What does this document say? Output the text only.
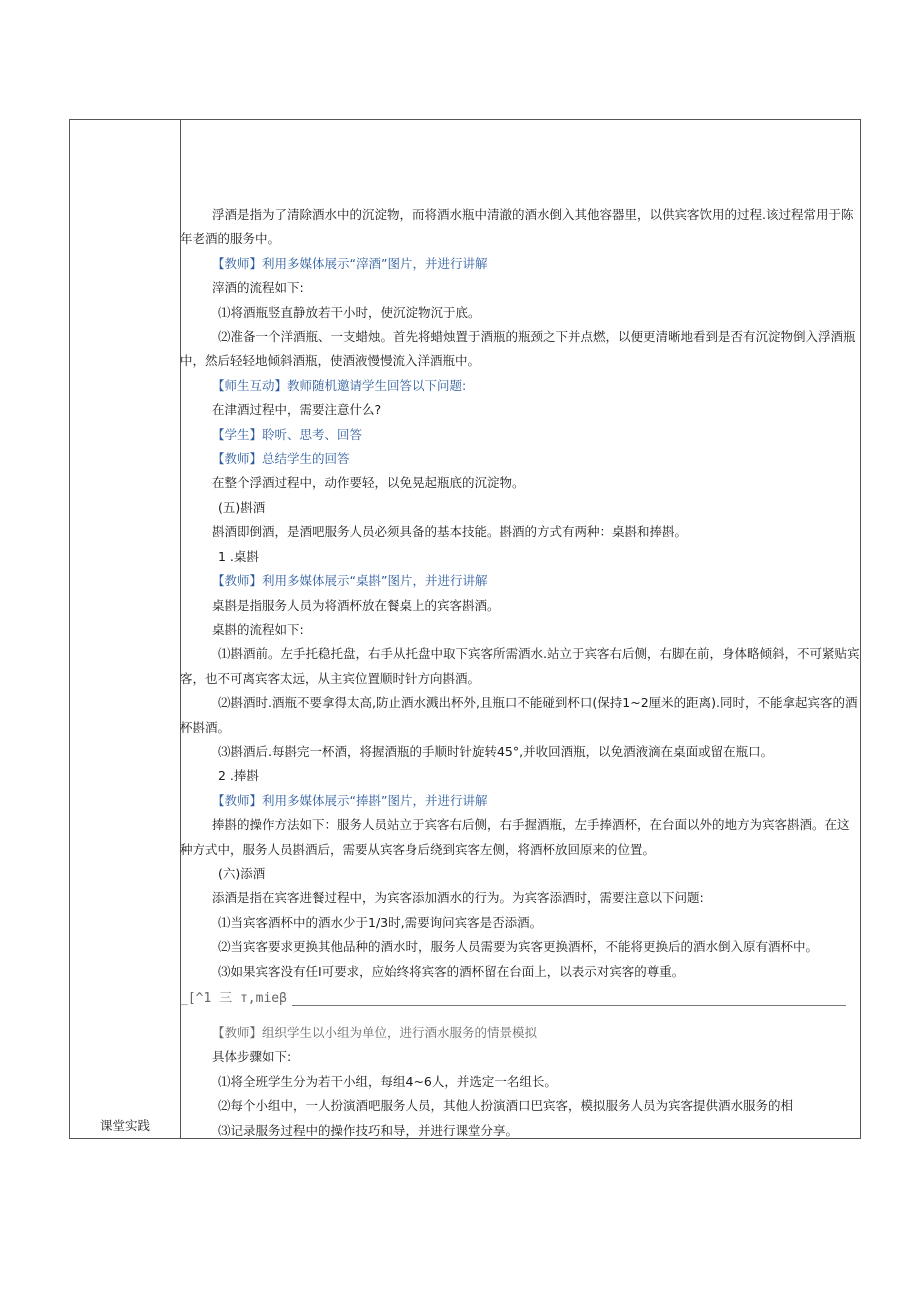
课堂实践

浮酒是指为了清除酒水中的沉淀物，而将酒水瓶中清澈的酒水倒入其他容器里，以供宾客饮用的过程.该过程常用于陈年老酒的服务中。

【教师】利用多媒体展示“滓酒”图片，并进行讲解

滓酒的流程如下:

⑴将酒瓶竖直静放若干小时，使沉淀物沉于底。

⑵准备一个洋酒瓶、一支蜡烛。首先将蜡烛置于酒瓶的瓶颈之下并点燃，以便更清晰地看到是否有沉淀物倒入浮酒瓶中，然后轻轻地倾斜酒瓶，使酒液慢慢流入洋酒瓶中。

【师生互动】教师随机邀请学生回答以下问题:

在津酒过程中，需要注意什么?

【学生】聆听、思考、回答

【教师】总结学生的回答

在整个浮酒过程中，动作要轻，以免晃起瓶底的沉淀物。

(五)斟酒

斟酒即倒酒，是酒吧服务人员必须具备的基本技能。斟酒的方式有两种：桌斟和捧斟。

1 .桌斟

【教师】利用多媒体展示“桌斟”图片，并进行讲解

桌斟是指服务人员为将酒杯放在餐桌上的宾客斟酒。

桌斟的流程如下:

⑴斟酒前。左手托稳托盘，右手从托盘中取下宾客所需酒水.站立于宾客右后侧，右脚在前，身体略倾斜，不可紧贴宾客，也不可离宾客太远，从主宾位置顺时针方向斟酒。

⑵斟酒时.酒瓶不要拿得太高,防止酒水溅出杯外,且瓶口不能碰到杯口(保持1~2厘米的距离).同时，不能拿起宾客的酒杯斟酒。

⑶斟酒后.每斟完一杯酒，将握酒瓶的手顺时针旋转45°,并收回酒瓶，以免酒液滴在桌面或留在瓶口。

2 .捧斟

【教师】利用多媒体展示“捧斟”图片，并进行讲解

捧斟的操作方法如下：服务人员站立于宾客右后侧，右手握酒瓶，左手捧酒杯，在台面以外的地方为宾客斟酒。在这种方式中，服务人员斟酒后，需要从宾客身后绕到宾客左侧，将酒杯放回原来的位置。

(六)添酒

添酒是指在宾客进餐过程中，为宾客添加酒水的行为。为宾客添酒时，需要注意以下问题:

⑴当宾客酒杯中的酒水少于1/3时,需要询问宾客是否添酒。

⑵当宾客要求更换其他品种的酒水时，服务人员需要为宾客更换酒杯，不能将更换后的酒水倒入原有酒杯中。

⑶如果宾客没有任I可要求，应始终将宾客的酒杯留在台面上，以表示对宾客的尊重。

_[^1 三 т,mieβ

【教师】组织学生以小组为单位，进行酒水服务的情景模拟

具体步骤如下:

⑴将全班学生分为若干小组，每组4~6人，并选定一名组长。

⑵每个小组中，一人扮演酒吧服务人员，其他人扮演酒口巴宾客，模拟服务人员为宾客提供酒水服务的相

⑶记录服务过程中的操作技巧和导，并进行课堂分享。
